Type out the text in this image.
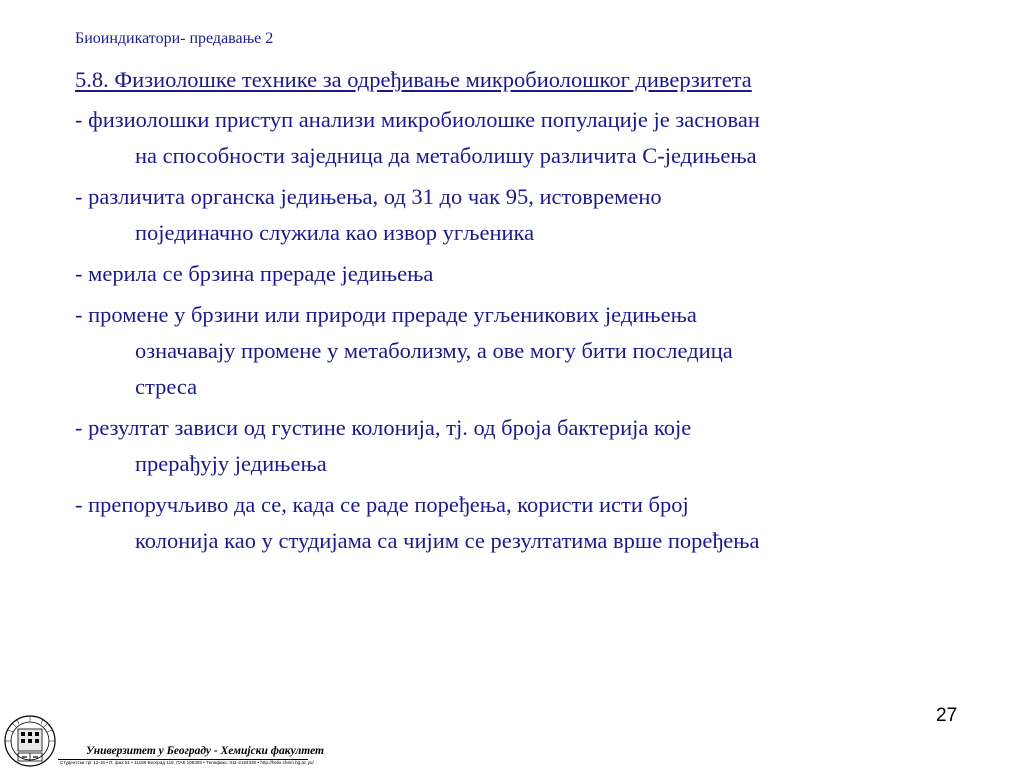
Биоиндикатори- предавање 2
5.8. Физиолошке технике за одређивање микробиолошког диверзитета
- физиолошки приступ анализи микробиолошке популације је заснован
на способности заједница да метаболишу различита С-једињења
- различита органска једињења, од 31 до чак 95, истовремено
појединачно служила као извор угљеника
- мерила се брзина прераде једињења
- промене у брзини или природи прераде угљеникових једињења
означавају промене у метаболизму, а ове могу бити последица
стреса
- резултат зависи од густине колонија, тј. од броја бактерија које
прерађују једињења
- препоручљиво да се, када се раде поређења, користи исти број
колонија као у студијама са чијим се резултатима врше поређења
27
Универзитет у Београду - Хемијски факултет
Студентски трг 12-16 • П. фах 51 • 11158 Београд 118, ПАК 105305 • Телефакс: 011-2184330 • http://helix.chem.bg.ac.yu/
